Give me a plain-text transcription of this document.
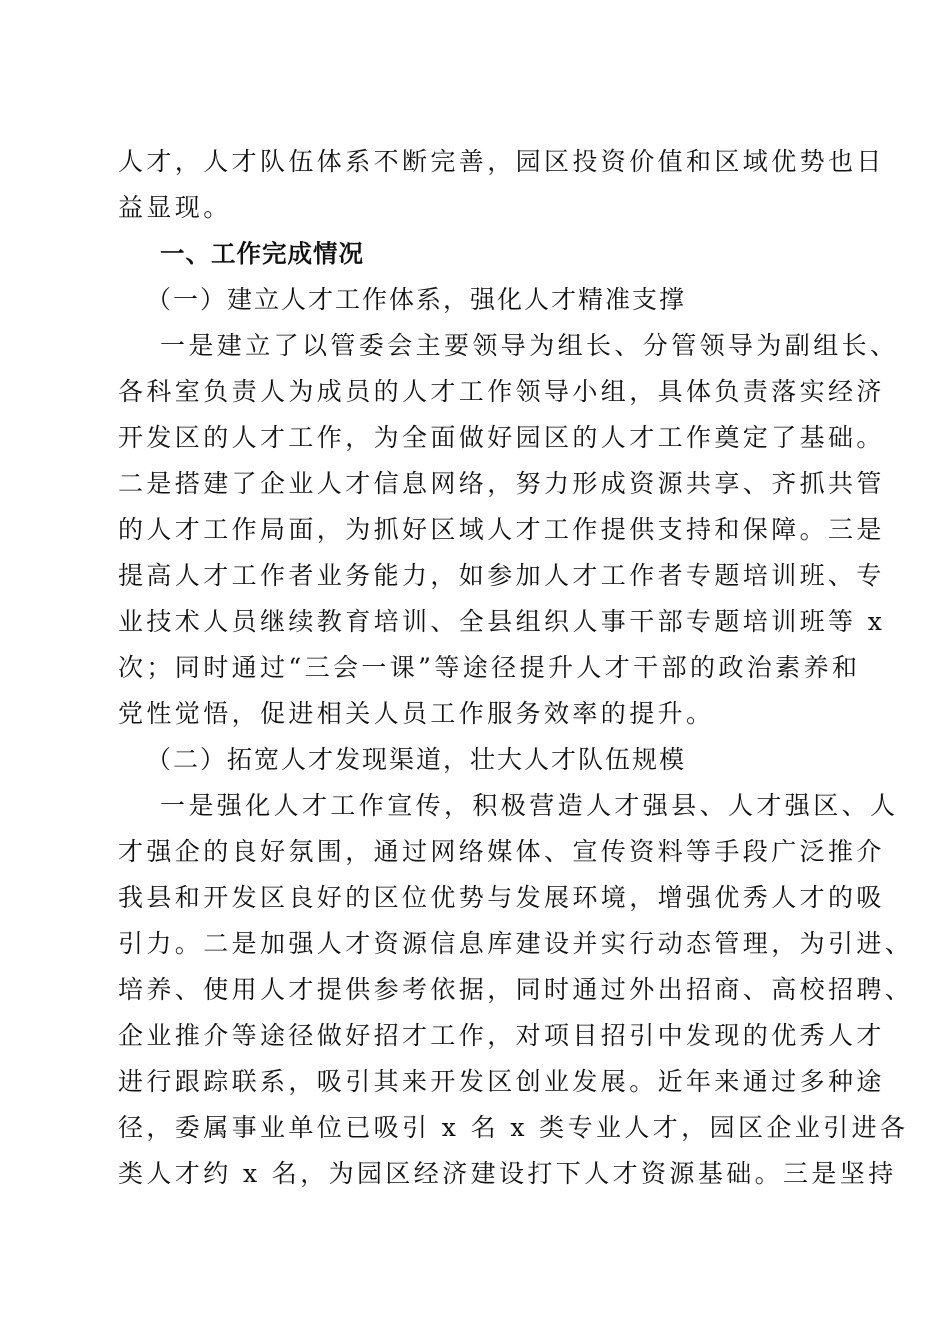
人才，人才队伍体系不断完善，园区投资价值和区域优势也日
益显现。
一、工作完成情况
（一）建立人才工作体系，强化人才精准支撑
一是建立了以管委会主要领导为组长、分管领导为副组长、
各科室负责人为成员的人才工作领导小组，具体负责落实经济
开发区的人才工作，为全面做好园区的人才工作奠定了基础。
二是搭建了企业人才信息网络，努力形成资源共享、齐抓共管
的人才工作局面，为抓好区域人才工作提供支持和保障。三是
提高人才工作者业务能力，如参加人才工作者专题培训班、专
业技术人员继续教育培训、全县组织人事干部专题培训班等 x
次；同时通过“三会一课”等途径提升人才干部的政治素养和
党性觉悟，促进相关人员工作服务效率的提升。
（二）拓宽人才发现渠道，壮大人才队伍规模
一是强化人才工作宣传，积极营造人才强县、人才强区、人
才强企的良好氛围，通过网络媒体、宣传资料等手段广泛推介
我县和开发区良好的区位优势与发展环境，增强优秀人才的吸
引力。二是加强人才资源信息库建设并实行动态管理，为引进、
培养、使用人才提供参考依据，同时通过外出招商、高校招聘、
企业推介等途径做好招才工作，对项目招引中发现的优秀人才
进行跟踪联系，吸引其来开发区创业发展。近年来通过多种途
径，委属事业单位已吸引 x 名 x 类专业人才，园区企业引进各
类人才约 x 名，为园区经济建设打下人才资源基础。三是坚持
